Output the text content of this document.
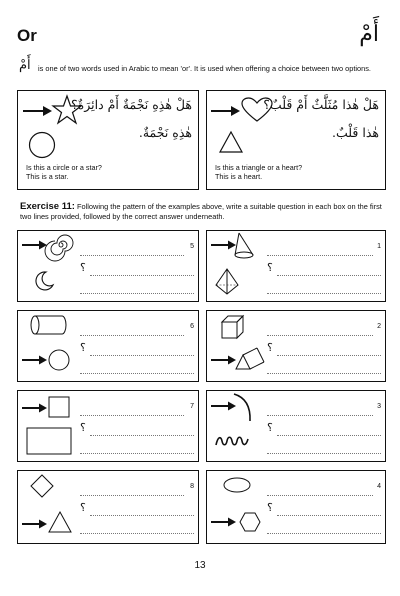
Or	أَمْ
أَمْ is one of two words used in Arabic to mean 'or'. It is used when offering a choice between two options.
هَلْ هٰذِهِ نَجْمَةٌ أَمْ دائِرَةٌ؟
هٰذِهِ نَجْمَةٌ.
Is this a circle or a star?
This is a star.
هَلْ هٰذا مُثَلَّثٌ أَمْ قَلْبٌ؟
هٰذا قَلْبٌ.
Is this a triangle or a heart?
This is a heart.
Exercise 11: Following the pattern of the examples above, write a suitable question in each box on the first two lines provided, followed by the correct answer underneath.
5
؟
1
؟
6
؟
2
؟
7
؟
3
؟
8
؟
4
؟
13
